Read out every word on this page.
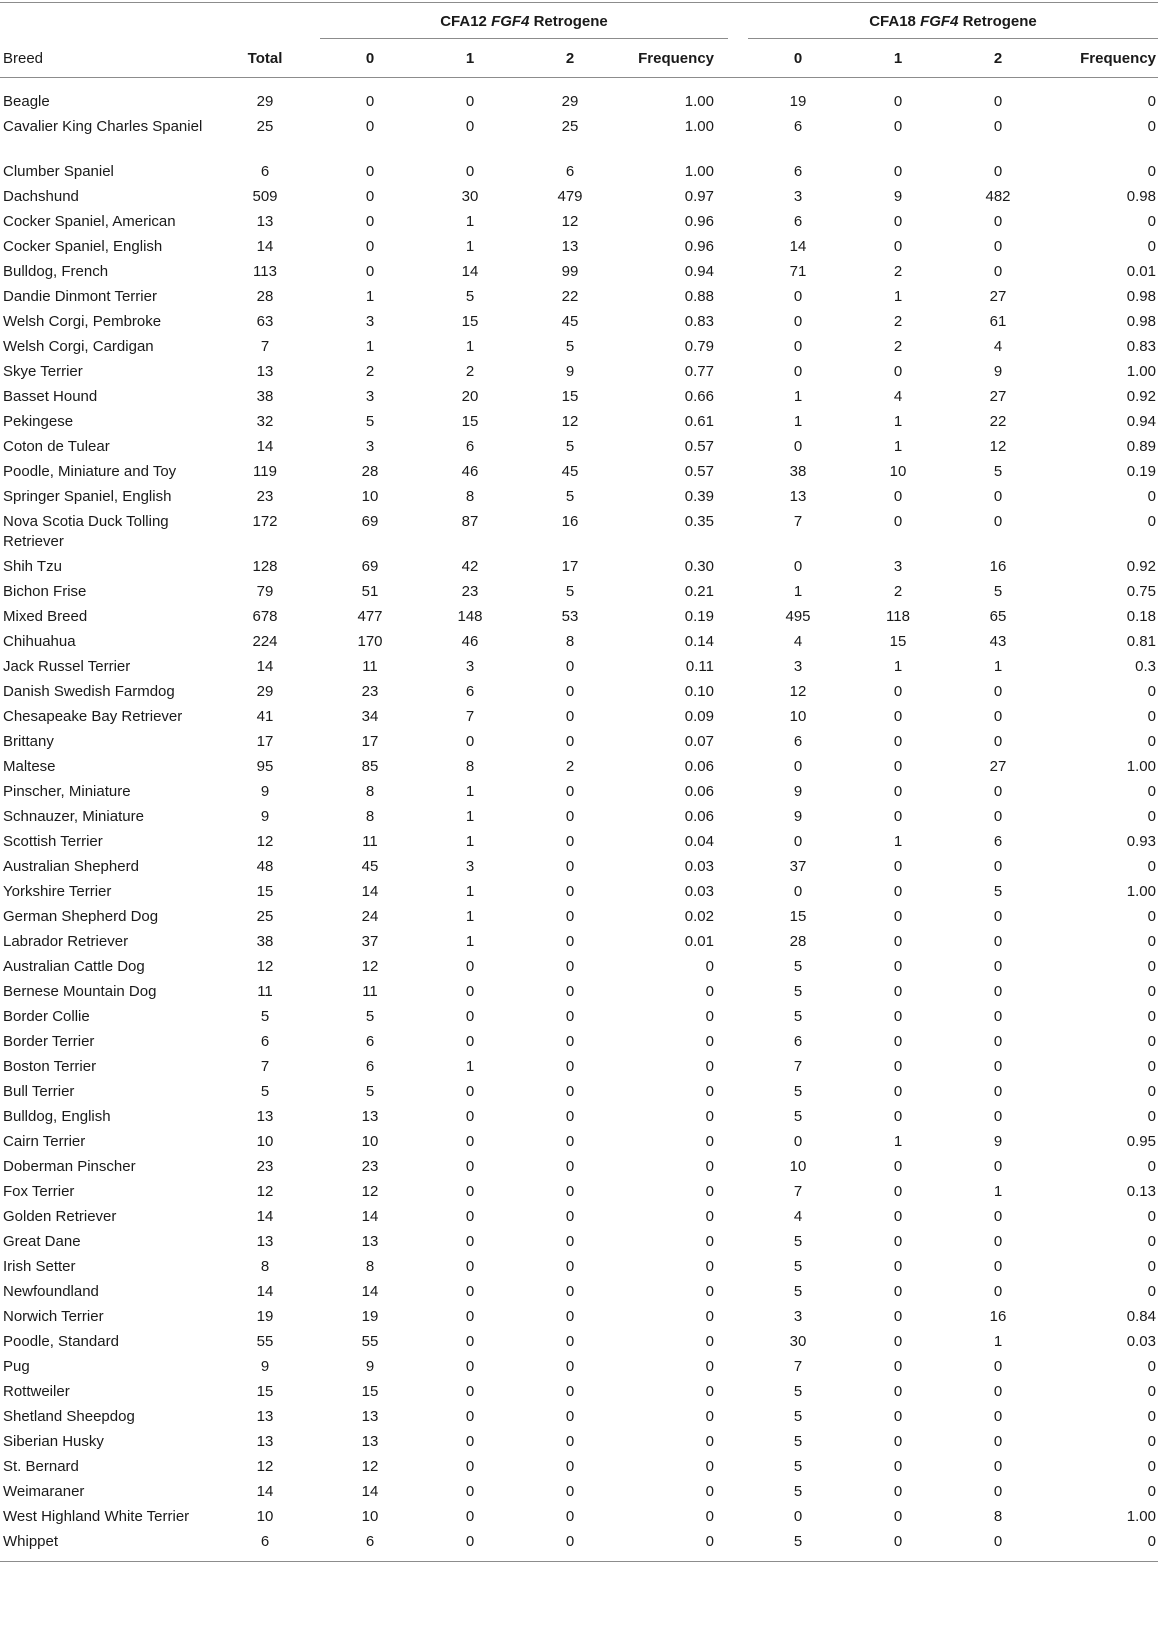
		CFA12 FGF4 Retrogene					CFA18 FGF4 Retrogene			

Breed	Total	0	1	2	Frequency		0	1	2	Frequency

Beagle	29	0	0	29	1.00		19	0	0	0
Cavalier King Charles Spaniel	25	0	0	25	1.00		6	0	0	0
Clumber Spaniel	6	0	0	6	1.00		6	0	0	0
Dachshund	509	0	30	479	0.97		3	9	482	0.98
Cocker Spaniel, American	13	0	1	12	0.96		6	0	0	0
Cocker Spaniel, English	14	0	1	13	0.96		14	0	0	0
Bulldog, French	113	0	14	99	0.94		71	2	0	0.01
Dandie Dinmont Terrier	28	1	5	22	0.88		0	1	27	0.98
Welsh Corgi, Pembroke	63	3	15	45	0.83		0	2	61	0.98
Welsh Corgi, Cardigan	7	1	1	5	0.79		0	2	4	0.83
Skye Terrier	13	2	2	9	0.77		0	0	9	1.00
Basset Hound	38	3	20	15	0.66		1	4	27	0.92
Pekingese	32	5	15	12	0.61		1	1	22	0.94
Coton de Tulear	14	3	6	5	0.57		0	1	12	0.89
Poodle, Miniature and Toy	119	28	46	45	0.57		38	10	5	0.19
Springer Spaniel, English	23	10	8	5	0.39		13	0	0	0
Nova Scotia Duck Tolling Retriever	172	69	87	16	0.35		7	0	0	0
Shih Tzu	128	69	42	17	0.30		0	3	16	0.92
Bichon Frise	79	51	23	5	0.21		1	2	5	0.75
Mixed Breed	678	477	148	53	0.19		495	118	65	0.18
Chihuahua	224	170	46	8	0.14		4	15	43	0.81
Jack Russel Terrier	14	11	3	0	0.11		3	1	1	0.3
Danish Swedish Farmdog	29	23	6	0	0.10		12	0	0	0
Chesapeake Bay Retriever	41	34	7	0	0.09		10	0	0	0
Brittany	17	17	0	0	0.07		6	0	0	0
Maltese	95	85	8	2	0.06		0	0	27	1.00
Pinscher, Miniature	9	8	1	0	0.06		9	0	0	0
Schnauzer, Miniature	9	8	1	0	0.06		9	0	0	0
Scottish Terrier	12	11	1	0	0.04		0	1	6	0.93
Australian Shepherd	48	45	3	0	0.03		37	0	0	0
Yorkshire Terrier	15	14	1	0	0.03		0	0	5	1.00
German Shepherd Dog	25	24	1	0	0.02		15	0	0	0
Labrador Retriever	38	37	1	0	0.01		28	0	0	0
Australian Cattle Dog	12	12	0	0	0		5	0	0	0
Bernese Mountain Dog	11	11	0	0	0		5	0	0	0
Border Collie	5	5	0	0	0		5	0	0	0
Border Terrier	6	6	0	0	0		6	0	0	0
Boston Terrier	7	6	1	0	0		7	0	0	0
Bull Terrier	5	5	0	0	0		5	0	0	0
Bulldog, English	13	13	0	0	0		5	0	0	0
Cairn Terrier	10	10	0	0	0		0	1	9	0.95
Doberman Pinscher	23	23	0	0	0		10	0	0	0
Fox Terrier	12	12	0	0	0		7	0	1	0.13
Golden Retriever	14	14	0	0	0		4	0	0	0
Great Dane	13	13	0	0	0		5	0	0	0
Irish Setter	8	8	0	0	0		5	0	0	0
Newfoundland	14	14	0	0	0		5	0	0	0
Norwich Terrier	19	19	0	0	0		3	0	16	0.84
Poodle, Standard	55	55	0	0	0		30	0	1	0.03
Pug	9	9	0	0	0		7	0	0	0
Rottweiler	15	15	0	0	0		5	0	0	0
Shetland Sheepdog	13	13	0	0	0		5	0	0	0
Siberian Husky	13	13	0	0	0		5	0	0	0
St. Bernard	12	12	0	0	0		5	0	0	0
Weimaraner	14	14	0	0	0		5	0	0	0
West Highland White Terrier	10	10	0	0	0		0	0	8	1.00
Whippet	6	6	0	0	0		5	0	0	0
